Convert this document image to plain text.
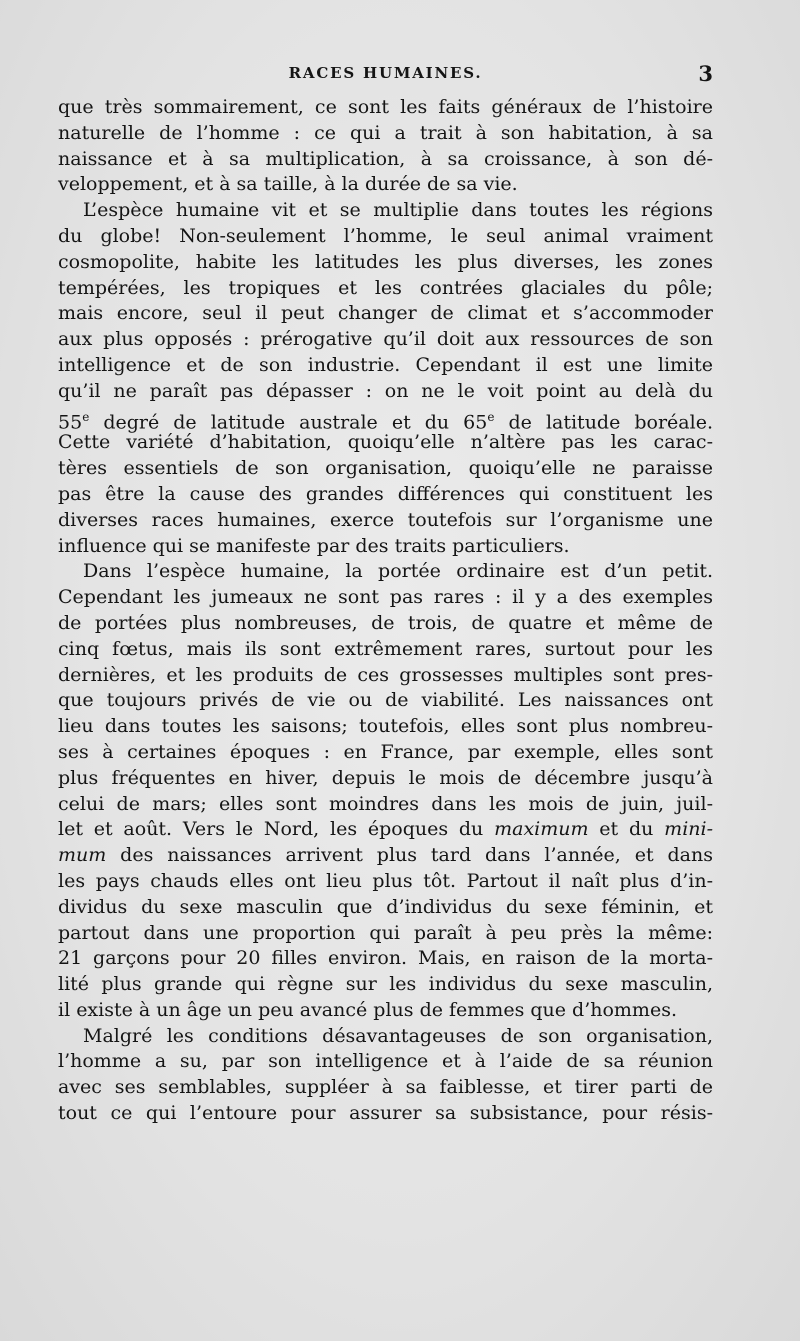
RACES HUMAINES.	3
que très sommairement, ce sont les faits généraux de l’histoire
naturelle de l’homme : ce qui a trait à son habitation, à sa
naissance et à sa multiplication, à sa croissance, à son dé-
veloppement, et à sa taille, à la durée de sa vie.
L’espèce humaine vit et se multiplie dans toutes les régions
du globe! Non-seulement l’homme, le seul animal vraiment
cosmopolite, habite les latitudes les plus diverses, les zones
tempérées, les tropiques et les contrées glaciales du pôle;
mais encore, seul il peut changer de climat et s’accommoder
aux plus opposés : prérogative qu’il doit aux ressources de son
intelligence et de son industrie. Cependant il est une limite
qu’il ne paraît pas dépasser : on ne le voit point au delà du
55e degré de latitude australe et du 65e de latitude boréale.
Cette variété d’habitation, quoiqu’elle n’altère pas les carac-
tères essentiels de son organisation, quoiqu’elle ne paraisse
pas être la cause des grandes différences qui constituent les
diverses races humaines, exerce toutefois sur l’organisme une
influence qui se manifeste par des traits particuliers.
Dans l’espèce humaine, la portée ordinaire est d’un petit.
Cependant les jumeaux ne sont pas rares : il y a des exemples
de portées plus nombreuses, de trois, de quatre et même de
cinq fœtus, mais ils sont extrêmement rares, surtout pour les
dernières, et les produits de ces grossesses multiples sont pres-
que toujours privés de vie ou de viabilité. Les naissances ont
lieu dans toutes les saisons; toutefois, elles sont plus nombreu-
ses à certaines époques : en France, par exemple, elles sont
plus fréquentes en hiver, depuis le mois de décembre jusqu’à
celui de mars; elles sont moindres dans les mois de juin, juil-
let et août. Vers le Nord, les époques du maximum et du mini-
mum des naissances arrivent plus tard dans l’année, et dans
les pays chauds elles ont lieu plus tôt. Partout il naît plus d’in-
dividus du sexe masculin que d’individus du sexe féminin, et
partout dans une proportion qui paraît à peu près la même:
21 garçons pour 20 filles environ. Mais, en raison de la morta-
lité plus grande qui règne sur les individus du sexe masculin,
il existe à un âge un peu avancé plus de femmes que d’hommes.
Malgré les conditions désavantageuses de son organisation,
l’homme a su, par son intelligence et à l’aide de sa réunion
avec ses semblables, suppléer à sa faiblesse, et tirer parti de
tout ce qui l’entoure pour assurer sa subsistance, pour résis-
